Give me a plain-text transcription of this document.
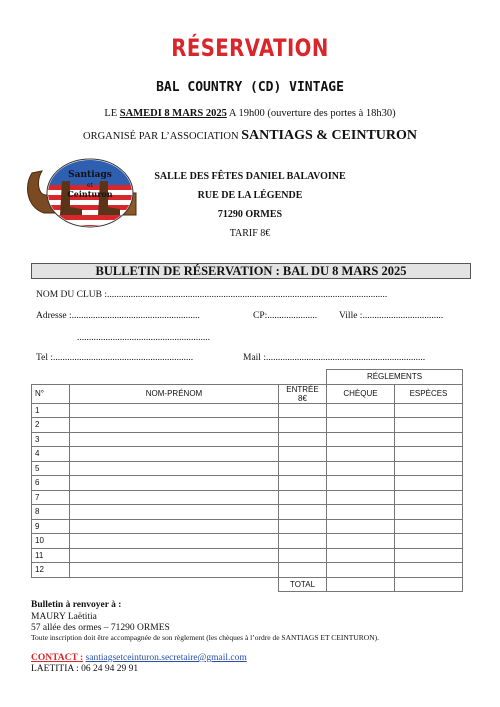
RÉSERVATION
BAL COUNTRY (CD) VINTAGE
LE SAMEDI 8 MARS 2025 A 19h00 (ouverture des portes à 18h30)
ORGANISÉ PAR L’ASSOCIATION SANTIAGS & CEINTURON
Santiags
et
Ceinturon
SALLE DES FÊTES DANIEL BALAVOINE
RUE DE LA LÉGENDE
71290 ORMES
TARIF 8€
BULLETIN DE RÉSERVATION : BAL DU 8 MARS 2025
NOM DU CLUB :......................................................................................................................
Adresse :......................................................	CP:.....................	Ville :..................................
........................................................
Tel :...........................................................	Mail :...................................................................
			RÉGLEMENTS	
N°	NOM-PRÉNOM	ENTRÉE 8€	CHÈQUE	ESPÈCES
1				
2				
3				
4				
5				
6				
7				
8				
9				
10				
11				
12				
		TOTAL		
Bulletin à renvoyer à :
MAURY Laëtitia
57 allée des ormes – 71290 ORMES
Toute inscription doit être accompagnée de son règlement (les chèques à l’ordre de SANTIAGS ET CEINTURON).
CONTACT : santiagsetceinturon.secretaire@gmail.com
LAETITIA : 06 24 94 29 91
